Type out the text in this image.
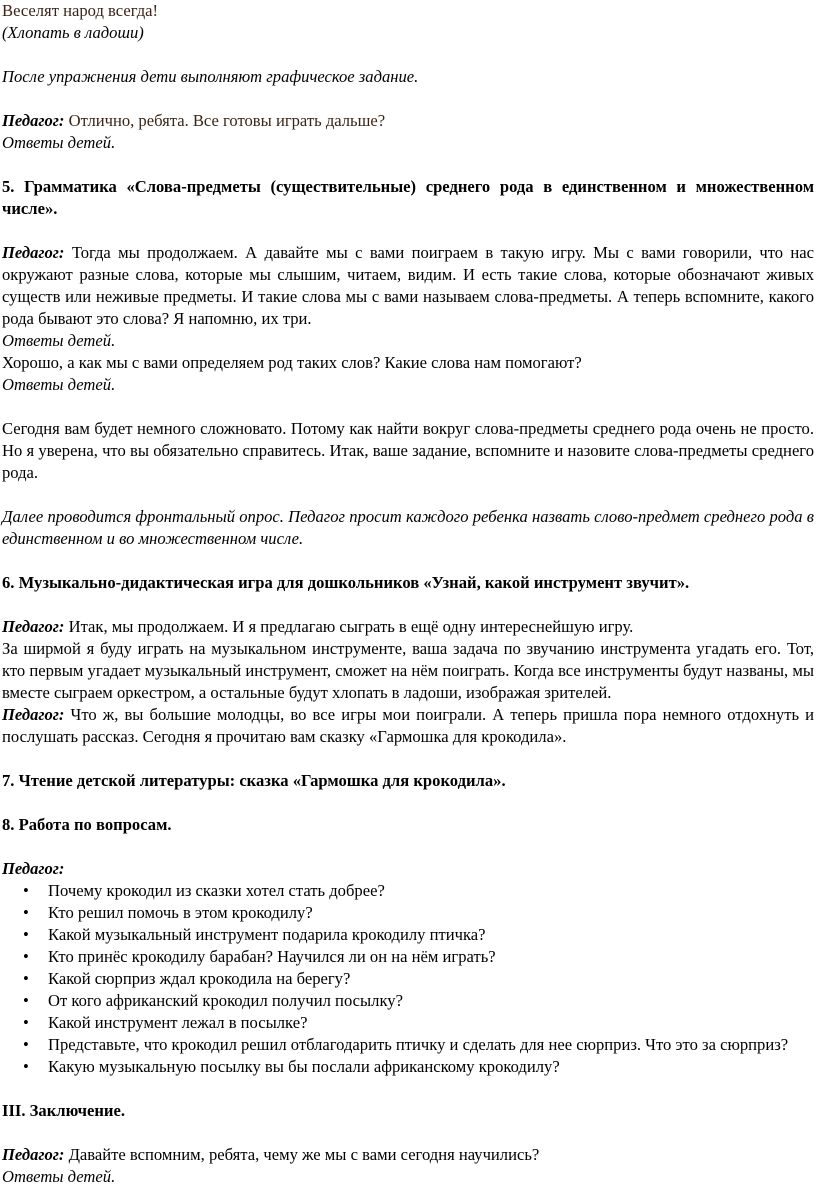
Веселят народ всегда!

(Хлопать в ладоши)

После упражнения дети выполняют графическое задание.

Педагог: Отлично, ребята. Все готовы играть дальше?

Ответы детей.

5. Грамматика «Слова-предметы (существительные) среднего рода в единственном и множественном числе».

Педагог: Тогда мы продолжаем. А давайте мы с вами поиграем в такую игру. Мы с вами говорили, что нас окружают разные слова, которые мы слышим, читаем, видим. И есть такие слова, которые обозначают живых существ или неживые предметы. И такие слова мы с вами называем слова-предметы. А теперь вспомните, какого рода бывают это слова? Я напомню, их три.

Ответы детей.

Хорошо, а как мы с вами определяем род таких слов? Какие слова нам помогают?

Ответы детей.

Сегодня вам будет немного сложновато. Потому как найти вокруг слова-предметы среднего рода очень не просто. Но я уверена, что вы обязательно справитесь. Итак, ваше задание, вспомните и назовите слова-предметы среднего рода.

Далее проводится фронтальный опрос. Педагог просит каждого ребенка назвать слово-предмет среднего рода в единственном и во множественном числе.

6. Музыкально-дидактическая игра для дошкольников «Узнай, какой инструмент звучит».

Педагог: Итак, мы продолжаем. И я предлагаю сыграть в ещё одну интереснейшую игру.

За ширмой я буду играть на музыкальном инструменте, ваша задача по звучанию инструмента угадать его. Тот, кто первым угадает музыкальный инструмент, сможет на нём поиграть. Когда все инструменты будут названы, мы вместе сыграем оркестром, а остальные будут хлопать в ладоши, изображая зрителей.

Педагог: Что ж, вы большие молодцы, во все игры мои поиграли. А теперь пришла пора немного отдохнуть и послушать рассказ. Сегодня я прочитаю вам сказку «Гармошка для крокодила».

7. Чтение детской литературы: сказка «Гармошка для крокодила».

8. Работа по вопросам.

Педагог:

•	Почему крокодил из сказки хотел стать добрее?
•	Кто решил помочь в этом крокодилу?
•	Какой музыкальный инструмент подарила крокодилу птичка?
•	Кто принёс крокодилу барабан? Научился ли он на нём играть?
•	Какой сюрприз ждал крокодила на берегу?
•	От кого африканский крокодил получил посылку?
•	Какой инструмент лежал в посылке?
•	Представьте, что крокодил решил отблагодарить птичку и сделать для нее сюрприз. Что это за сюрприз?
•	Какую музыкальную посылку вы бы послали африканскому крокодилу?

III. Заключение.

Педагог: Давайте вспомним, ребята, чему же мы с вами сегодня научились?

Ответы детей.
